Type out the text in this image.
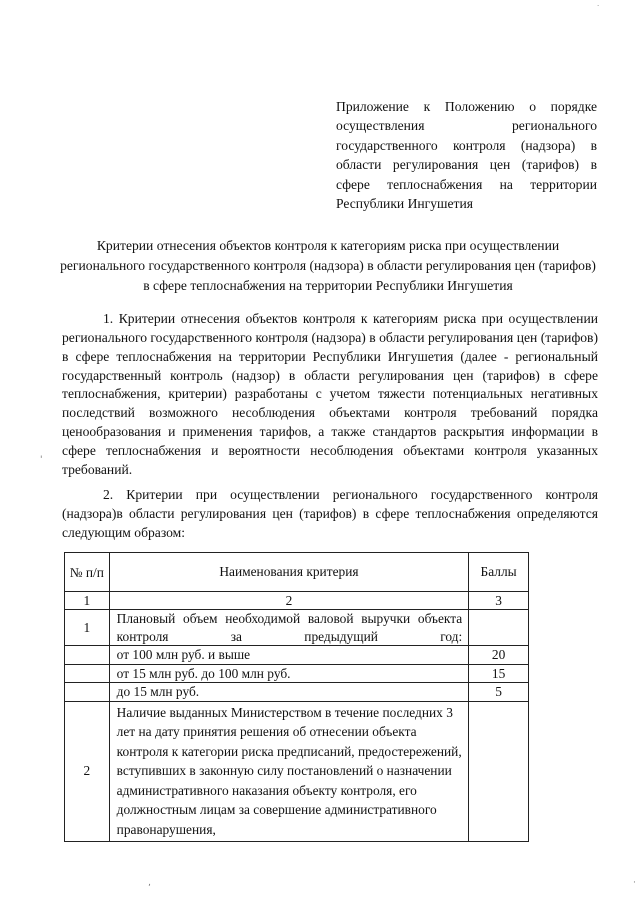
Приложение к Положению о порядке осуществления регионального государственного контроля (надзора) в области регулирования цен (тарифов) в сфере теплоснабжения на территории Республики Ингушетия
Критерии отнесения объектов контроля к категориям риска при осуществлении регионального государственного контроля (надзора) в области регулирования цен (тарифов) в сфере теплоснабжения на территории Республики Ингушетия
1. Критерии отнесения объектов контроля к категориям риска при осуществлении регионального государственного контроля (надзора) в области регулирования цен (тарифов) в сфере теплоснабжения на территории Республики Ингушетия (далее - региональный государственный контроль (надзор) в области регулирования цен (тарифов) в сфере теплоснабжения, критерии) разработаны с учетом тяжести потенциальных негативных последствий возможного несоблюдения объектами контроля требований порядка ценообразования и применения тарифов, а также стандартов раскрытия информации в сфере теплоснабжения и вероятности несоблюдения объектами контроля указанных требований.
2. Критерии при осуществлении регионального государственного контроля (надзора)в области регулирования цен (тарифов) в сфере теплоснабжения определяются следующим образом:
№ п/п	Наименования критерия	Баллы
1	2	3
1	Плановый объем необходимой валовой выручки объекта контроля за предыдущий год:	
	от 100 млн руб. и выше	20
	от 15 млн руб. до 100 млн руб.	15
	до 15 млн руб.	5
2	Наличие выданных Министерством в течение последних 3 лет на дату принятия решения об отнесении объекта контроля к категории риска предписаний, предостережений, вступивших в законную силу постановлений о назначении административного наказания объекту контроля, его должностным лицам за совершение административного правонарушения,	
·
'
‚	·
